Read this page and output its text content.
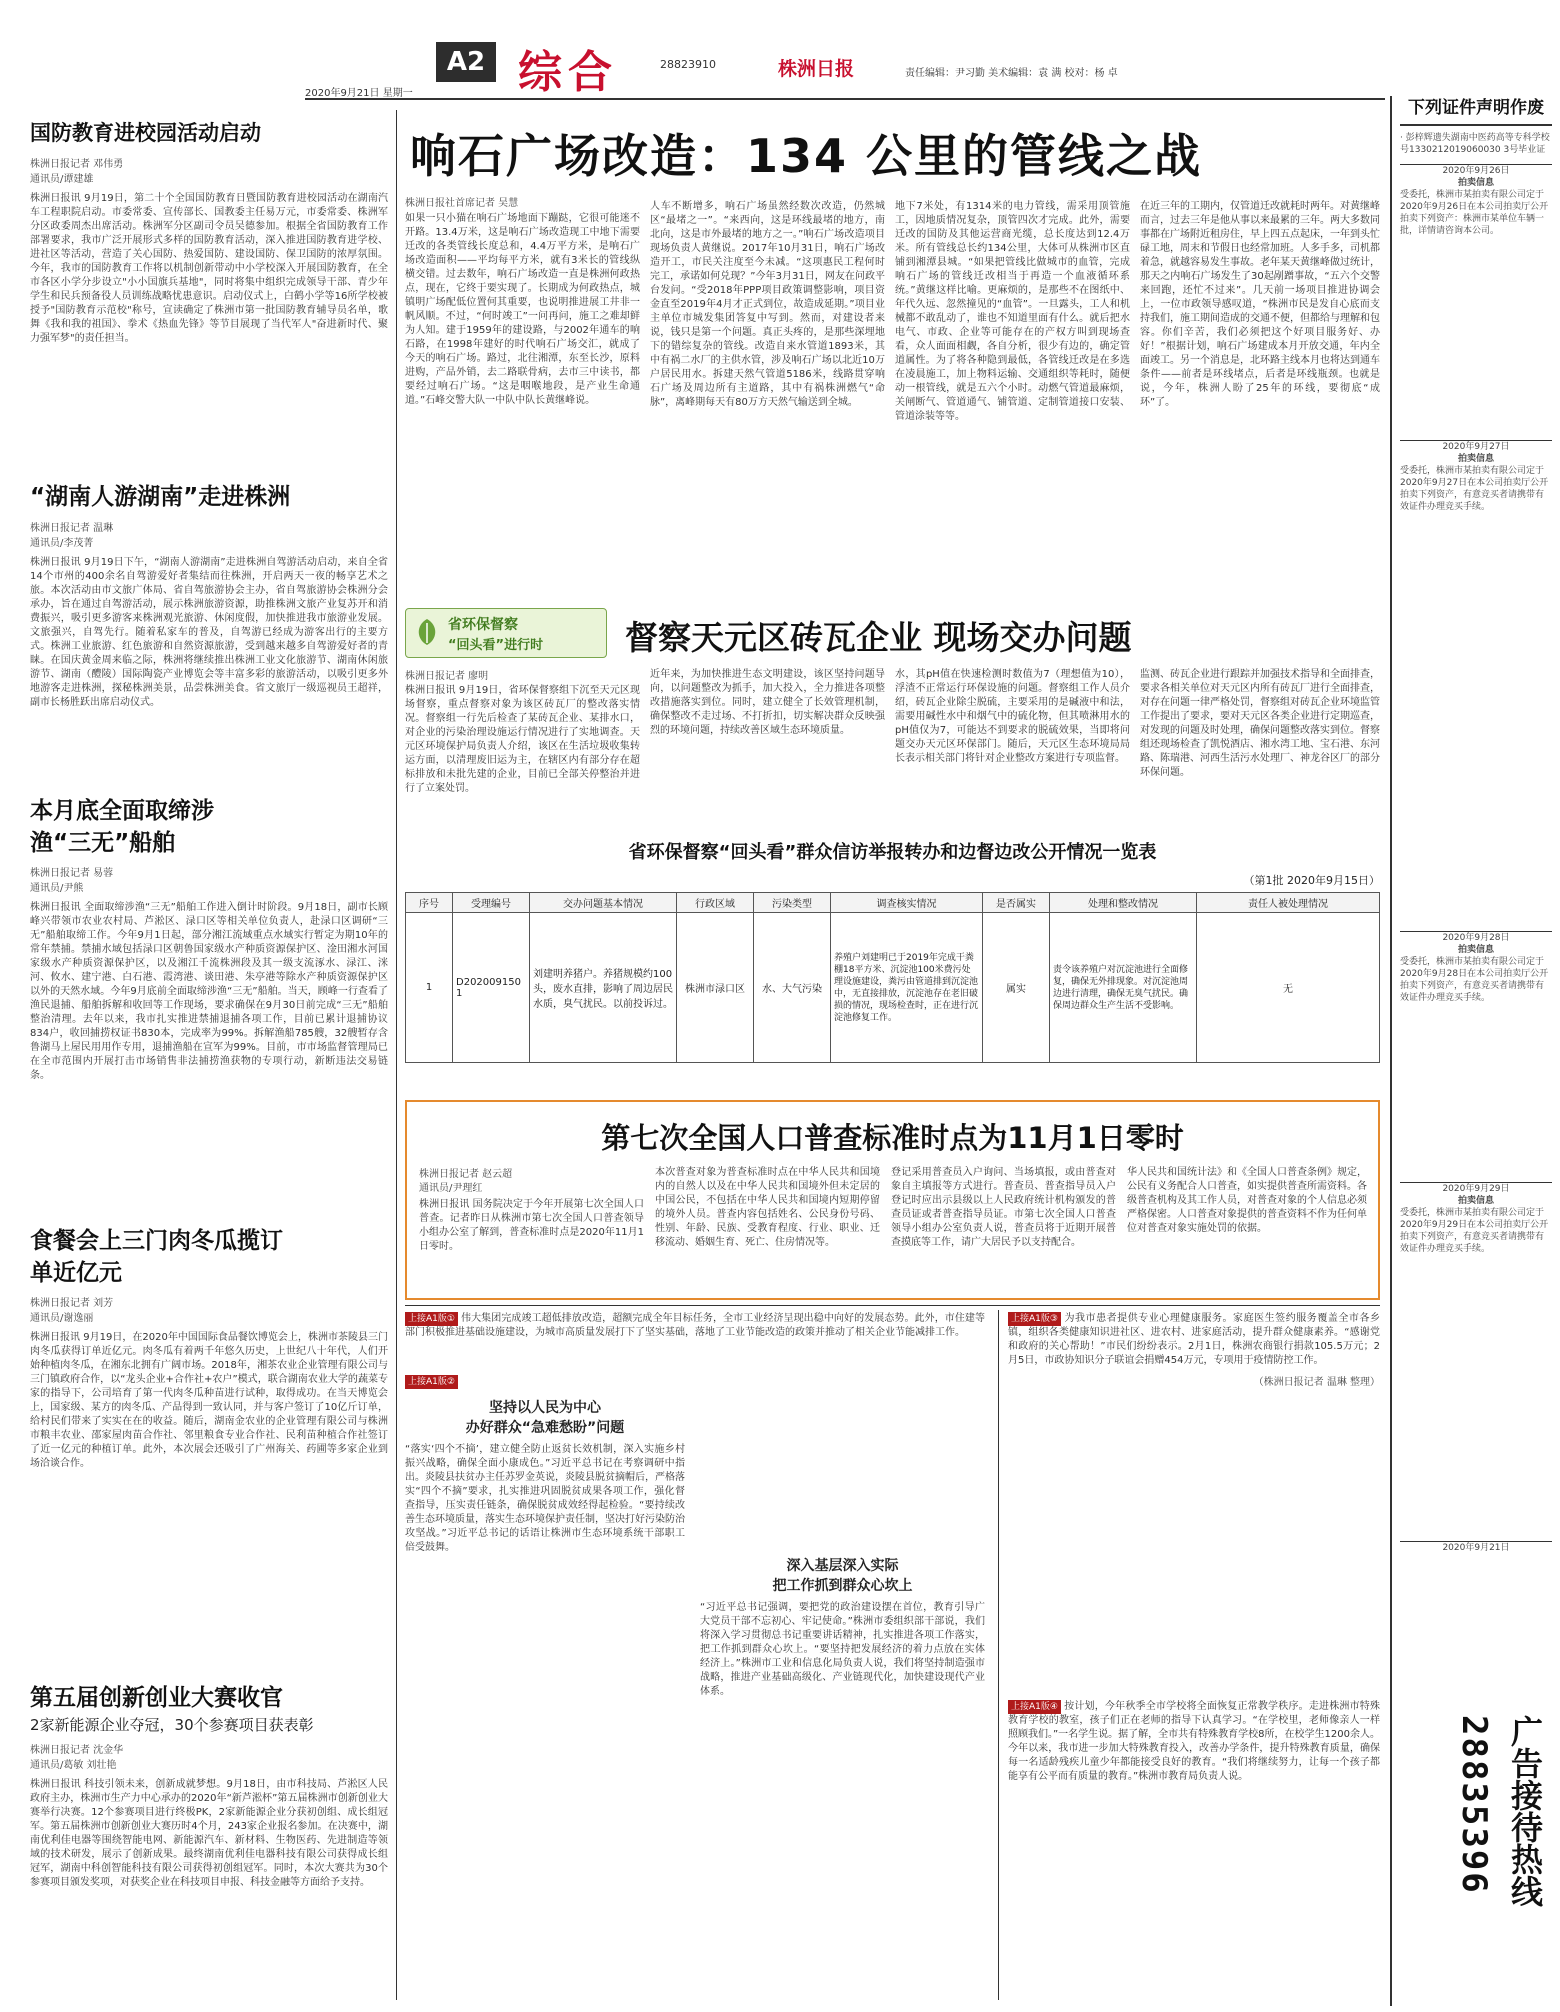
A2 综合	28823910	株洲日报	责任编辑：尹习勤 美术编辑：袁 满 校对：杨 卓
2020年9月21日 星期一
国防教育进校园活动启动
株洲日报记者 邓伟勇
通讯员/谭建雄

株洲日报讯 9月19日，第二十个全国国防教育日暨国防教育进校园活动在湖南汽车工程职院启动。市委常委、宣传部长、国教委主任易万元，市委常委、株洲军分区政委周杰出席活动。株洲军分区副司令员吴德参加。根据全省国防教育工作部署要求，我市广泛开展形式多样的国防教育活动，深入推进国防教育进学校、进社区等活动，营造了关心国防、热爱国防、建设国防、保卫国防的浓厚氛围。今年，我市的国防教育工作将以机制创新带动中小学校深入开展国防教育，在全市各区小学分步设立"小小国旗兵基地"，同时将集中组织完成领导干部、青少年学生和民兵预备役人员训练战略忧患意识。启动仪式上，白鹤小学等16所学校被授予"国防教育示范校"称号，宣读确定了株洲市第一批国防教育辅导员名单，歌舞《我和我的祖国》、拳术《热血先锋》等节目展现了当代军人"奋进新时代、聚力强军梦"的责任担当。

“湖南人游湖南”走进株洲
株洲日报记者 温琳
通讯员/李茂菁

株洲日报讯 9月19日下午，“湖南人游湖南”走进株洲自驾游活动启动，来自全省14个市州的400余名自驾游爱好者集结而往株洲，开启两天一夜的畅享艺术之旅。本次活动由市文旅广体局、省自驾旅游协会主办，省自驾旅游协会株洲分会承办，旨在通过自驾游活动，展示株洲旅游资源，助推株洲文旅产业复苏开和消费振兴，吸引更多游客来株洲观光旅游、休闲度假，加快推进我市旅游业发展。文旅强兴，自驾先行。随着私家车的普及，自驾游已经成为游客出行的主要方式。株洲工业旅游、红色旅游和自然资源旅游，受到越来越多自驾游爱好者的青睐。在国庆黄金周来临之际，株洲将继续推出株洲工业文化旅游节、湖南休闲旅游节、湖南（醴陵）国际陶瓷产业博览会等丰富多彩的旅游活动，以吸引更多外地游客走进株洲，探秘株洲美景，品尝株洲美食。省文旅厅一级巡视员王超祥，副市长杨胜跃出席启动仪式。

本月底全面取缔涉渔“三无”船舶
株洲日报记者 易蓉
通讯员/尹熊

株洲日报讯 全面取缔涉渔“三无”船舶工作进入倒计时阶段。9月18日，副市长顾峰兴带领市农业农村局、芦淞区、渌口区等相关单位负责人，赴渌口区调研“三无”船舶取缔工作。今年9月1日起，部分湘江流域重点水域实行暂定为期10年的常年禁捕。禁捕水域包括渌口区朝鲁国家级水产种质资源保护区、淦田湘水河国家级水产种质资源保护区，以及湘江千流株洲段及其一级支流涿水、渌江、洣河、攸水、建宁港、白石港、霞湾港、谈田港、朱亭港等除水产种质资源保护区以外的天然水域。今年9月底前全面取缔涉渔“三无”船舶。当天，顾峰一行查看了渔民退捕、船舶拆解和收回等工作现场，要求确保在9月30日前完成“三无”船舶整治清理。去年以来，我市扎实推进禁捕退捕各项工作，目前已累计退捕协议834户，收回捕捞权证书830本，完成率为99%。拆解渔船785艘，32艘暂存含鲁湖马上屋民用用作专用，退捕渔船在宣军为99%。目前，市市场监督管理局已在全市范围内开展打击市场销售非法捕捞渔获物的专项行动，新断违法交易链条。

食餐会上三门肉冬瓜揽订单近亿元
株洲日报记者 刘芳
通讯员/谢逸丽

株洲日报讯 9月19日，在2020年中国国际食品餐饮博览会上，株洲市茶陵县三门肉冬瓜获得订单近亿元。肉冬瓜有着两千年悠久历史，上世纪八十年代，人们开始种植肉冬瓜，在湘东北拥有广阔市场。2018年，湘茶农业企业管理有限公司与三门镇政府合作，以“龙头企业+合作社+农户”模式，联合湖南农业大学的蔬菜专家的指导下，公司培育了第一代肉冬瓜种苗进行试种，取得成功。在当天博览会上，国家级、某方的肉冬瓜、产品得到一致认同，并与客户签订了10亿斤订单，给村民们带来了实实在在的收益。随后，湖南金农业的企业管理有限公司与株洲市粮丰农业、邵家屋肉苗合作社、邻里粮食专业合作社、民利苗种植合作社签订了近一亿元的种植订单。此外，本次展会还吸引了广州海关、药圃等多家企业到场洽谈合作。

第五届创新创业大赛收官
2家新能源企业夺冠，30个参赛项目获表彰
株洲日报记者 沈金华
通讯员/葛敏 刘壮艳

株洲日报讯 科技引领未来，创新成就梦想。9月18日，由市科技局、芦淞区人民政府主办，株洲市生产力中心承办的2020年“新芦淞杯”第五届株洲市创新创业大赛举行决赛。12个参赛项目进行终极PK，2家新能源企业分获初创组、成长组冠军。第五届株洲市创新创业大赛历时4个月，243家企业报名参加。在决赛中，湖南优利佳电器等围绕智能电网、新能源汽车、新材料、生物医药、先进制造等领域的技术研发，展示了创新成果。最终湖南优利佳电器科技有限公司获得成长组冠军，湖南中科创智能科技有限公司获得初创组冠军。同时，本次大赛共为30个参赛项目颁发奖项，对获奖企业在科技项目申报、科技金融等方面给予支持。

响石广场改造：134 公里的管线之战
株洲日报社首席记者 吴慧

如果一只小猫在响石广场地面下蹦跶，它很可能迷不开路。13.4万米，这是响石广场改造现工中地下需要迁改的各类管线长度总和，4.4万平方米，是响石广场改造面积——平均每平方米，就有3米长的管线纵横交错。过去数年，响石广场改造一直是株洲何政热点，现在，它终于要实现了。长期成为何政热点，城镇明广场配低位置何其重要，也说明推进展工井非一帆风顺。不过，“何时竣工”一问再问，施工之难却鲜为人知。建于1959年的建设路，与2002年通车的响石路，在1998年建好的时代响石广场交汇，就成了今天的响石广场。路过，北往湘潭，东至长沙，原料进购，产品外销，去二路联骨病，去市三中读书，都要经过响石广场。“这是咽喉地段，是产业生命通道。”石峰交警大队一中队中队长黄继峰说。

人车不断增多，响石广场虽然经数次改造，仍然城区“最堵之一”。“来西向，这是环线最堵的地方，南北向，这是市外最堵的地方之一。”响石广场改造项目现场负责人黄继说。2017年10月31日，响石广场改造开工，市民关注度至今未减。“这项惠民工程何时完工，承诺如何兑现？”今年3月31日，网友在问政平台发问。“受2018年PPP项目政策调整影响，项目资金直至2019年4月才正式到位，故造成延期。”项目业主单位市城发集团答复中写到。然而，对建设者来说，钱只是第一个问题。真正头疼的，是那些深埋地下的错综复杂的管线。改造自来水管道1893米，其中有祸二水厂的主供水管，涉及响石广场以北近10万户居民用水。拆建天然气管道5186米，线路贯穿响石广场及周边所有主道路，其中有祸株洲燃气“命脉”，离峰期每天有80万方天然气输送到全城。

地下7米处，有1314米的电力管线，需采用顶管施工，因地质情况复杂，顶管四次才完成。此外，需要迁改的国防及其他运营商光缆，总长度达到12.4万米。所有管线总长约134公里，大体可从株洲市区直铺到湘潭县城。“如果把管线比做城市的血管，完成响石广场的管线迁改相当于再造一个血液循环系统。”黄继这样比喻。更麻烦的，是那些不在图纸中、年代久远、忽然撞见的“血管”。一旦露头，工人和机械都不敢乱动了，谁也不知道里面有什么。就后把水电气、市政、企业等可能存在的产权方叫到现场查看，众人面面相觑，各自分析，很少有边的，确定管道属性。为了将各种隐到最低，各管线迁改是在多选在凌晨施工，加上物料运输、交通组织等耗时，随便动一根管线，就是五六个小时。动燃气管道最麻烦，关闸断气、管道通气、铺管道、定制管道接口安装、管道涂装等等。

在近三年的工期内，仅管道迁改就耗时两年。对黄继峰而言，过去三年是他从事以来最累的三年。两大多数同事都在广场附近租房住，早上四五点起床，一年到头忙碌工地，周末和节假日也经常加班。人多手多，司机都着急，就越容易发生事故。老年某天黄继峰做过统计，那天之内响石广场发生了30起剐蹭事故，“五六个交警来回跑，还忙不过来”。几天前一场项目推进协调会上，一位市政领导感叹道，“株洲市民是发自心底而支持我们，施工期间造成的交通不便，但都给与理解和包容。你们辛苦，我们必须把这个好项目服务好、办好！”根据计划，响石广场建成本月开放交通，年内全面竣工。另一个消息是，北环路主线本月也将达到通车条件——前者是环线堵点，后者是环线瓶颈。也就是说，今年，株洲人盼了25年的环线，要彻底“成环”了。

省环保督察
“回头看”进行时 督察天元区砖瓦企业 现场交办问题
株洲日报记者 廖明

株洲日报讯 9月19日，省环保督察组下沉至天元区现场督察，重点督察对象为该区砖瓦厂的整改落实情况。督察组一行先后检查了某砖瓦企业、某排水口，对企业的污染治理设施运行情况进行了实地调查。天元区环境保护局负责人介绍，该区在生活垃圾收集转运方面，以清理废旧运为主，在辖区内有部分存在超标排放和未批先建的企业，目前已全部关停整治并进行了立案处罚。

近年来，为加快推进生态文明建设，该区坚持问题导向，以问题整改为抓手，加大投入，全力推进各项整改措施落实到位。同时，建立健全了长效管理机制，确保整改不走过场、不打折扣，切实解决群众反映强烈的环境问题，持续改善区域生态环境质量。

水，其pH值在快速检测时数值为7（理想值为10），浮渣不正常运行环保设施的问题。督察组工作人员介绍，砖瓦企业除尘脱硫，主要采用的是碱液中和法，需要用碱性水中和烟气中的硫化物，但其喷淋用水的pH值仅为7，可能达不到要求的脱硫效果，当即将问题交办天元区环保部门。随后，天元区生态环境局局长表示相关部门将针对企业整改方案进行专项监督。

监测、砖瓦企业进行跟踪并加强技术指导和全面排查，要求各相关单位对天元区内所有砖瓦厂进行全面排查，对存在问题一律严格处罚，督察组对砖瓦企业环境监管工作提出了要求，要对天元区各类企业进行定期巡查，对发现的问题及时处理，确保问题整改落实到位。督察组还现场检查了凯悦酒店、湘水湾工地、宝石港、东河路、陈瑞港、河西生活污水处理厂、神龙谷区厂的部分环保问题。

省环保督察“回头看”群众信访举报转办和边督边改公开情况一览表
（第1批 2020年9月15日）
序号	受理编号	交办问题基本情况	行政区域	污染类型	调查核实情况	是否属实	处理和整改情况	责任人被处理情况
1	D2020091501	刘建明养猪户。养猪规模约100头，废水直排，影响了周边居民水质，臭气扰民。以前投诉过。	株洲市渌口区	水、大气污染	养殖户刘建明已于2019年完成干粪棚18平方米、沉淀池100米费污处理设施建设，粪污由管道排到沉淀池中，无直接排放，沉淀池存在老旧破损的情况，现场检查时，正在进行沉淀池修复工作。	属实	责令该养殖户对沉淀池进行全面修复，确保无外排现象。对沉淀池周边进行清理，确保无臭气扰民。确保周边群众生产生活不受影响。	无
第七次全国人口普查标准时点为11月1日零时
株洲日报记者 赵云超
通讯员/尹理红

株洲日报讯 国务院决定于今年开展第七次全国人口普查。记者昨日从株洲市第七次全国人口普查领导小组办公室了解到，普查标准时点是2020年11月1日零时。

本次普查对象为普查标准时点在中华人民共和国境内的自然人以及在中华人民共和国境外但未定居的中国公民，不包括在中华人民共和国境内短期停留的境外人员。普查内容包括姓名、公民身份号码、性别、年龄、民族、受教育程度、行业、职业、迁移流动、婚姻生育、死亡、住房情况等。

登记采用普查员入户询问、当场填报，或由普查对象自主填报等方式进行。普查员、普查指导员入户登记时应出示县级以上人民政府统计机构颁发的普查员证或者普查指导员证。市第七次全国人口普查领导小组办公室负责人说，普查员将于近期开展普查摸底等工作，请广大居民予以支持配合。

华人民共和国统计法》和《全国人口普查条例》规定，公民有义务配合人口普查，如实提供普查所需资料。各级普查机构及其工作人员，对普查对象的个人信息必须严格保密。人口普查对象提供的普查资料不作为任何单位对普查对象实施处罚的依据。

上接A1版① 伟大集团完成竣工超低排放改造，超额完成全年目标任务，全市工业经济呈现出稳中向好的发展态势。此外，市住建等部门积极推进基础设施建设，为城市高质量发展打下了坚实基础，落地了工业节能改造的政策并推动了相关企业节能减排工作。

上接A1版②

坚持以人民为中心
办好群众“急难愁盼”问题

“落实‘四个不摘’，建立健全防止返贫长效机制，深入实施乡村振兴战略，确保全面小康成色。”习近平总书记在考察调研中指出。炎陵县扶贫办主任苏罗金英说，炎陵县脱贫摘帽后，严格落实“四个不摘”要求，扎实推进巩固脱贫成果各项工作，强化督查指导，压实责任链条，确保脱贫成效经得起检验。“要持续改善生态环境质量，落实生态环境保护责任制，坚决打好污染防治攻坚战。”习近平总书记的话语让株洲市生态环境系统干部职工倍受鼓舞。

深入基层深入实际
把工作抓到群众心坎上

“习近平总书记强调，要把党的政治建设摆在首位，教育引导广大党员干部不忘初心、牢记使命。”株洲市委组织部干部说，我们将深入学习贯彻总书记重要讲话精神，扎实推进各项工作落实，把工作抓到群众心坎上。“要坚持把发展经济的着力点放在实体经济上。”株洲市工业和信息化局负责人说，我们将坚持制造强市战略，推进产业基础高级化、产业链现代化，加快建设现代产业体系。

上接A1版③ 为我市患者提供专业心理健康服务。家庭医生签约服务覆盖全市各乡镇，组织各类健康知识进社区、进农村、进家庭活动，提升群众健康素养。“感谢党和政府的关心帮助！”市民们纷纷表示。2月1日，株洲农商银行捐款105.5万元；2月5日，市政协知识分子联谊会捐赠454万元，专项用于疫情防控工作。

（株洲日报记者 温琳 整理）

上接A1版④ 按计划，今年秋季全市学校将全面恢复正常教学秩序。走进株洲市特殊教育学校的教室，孩子们正在老师的指导下认真学习。“在学校里，老师像亲人一样照顾我们。”一名学生说。据了解，全市共有特殊教育学校8所，在校学生1200余人。今年以来，我市进一步加大特殊教育投入，改善办学条件，提升特殊教育质量，确保每一名适龄残疾儿童少年都能接受良好的教育。“我们将继续努力，让每一个孩子都能享有公平而有质量的教育。”株洲市教育局负责人说。

下列证件声明作废
· 彭梓辉遗失湖南中医药高等专科学校号1330212019060030 3号毕业证
2020年9月26日
拍卖信息
受委托，株洲市某拍卖有限公司定于2020年9月26日在本公司拍卖厅公开拍卖下列资产：株洲市某单位车辆一批，详情请咨询本公司。
2020年9月27日
拍卖信息
受委托，株洲市某拍卖有限公司定于2020年9月27日在本公司拍卖厅公开拍卖下列资产，有意竞买者请携带有效证件办理竞买手续。
2020年9月28日
拍卖信息
受委托，株洲市某拍卖有限公司定于2020年9月28日在本公司拍卖厅公开拍卖下列资产，有意竞买者请携带有效证件办理竞买手续。
2020年9月29日
拍卖信息
受委托，株洲市某拍卖有限公司定于2020年9月29日在本公司拍卖厅公开拍卖下列资产，有意竞买者请携带有效证件办理竞买手续。
2020年9月21日
广告接待热线
28835396
